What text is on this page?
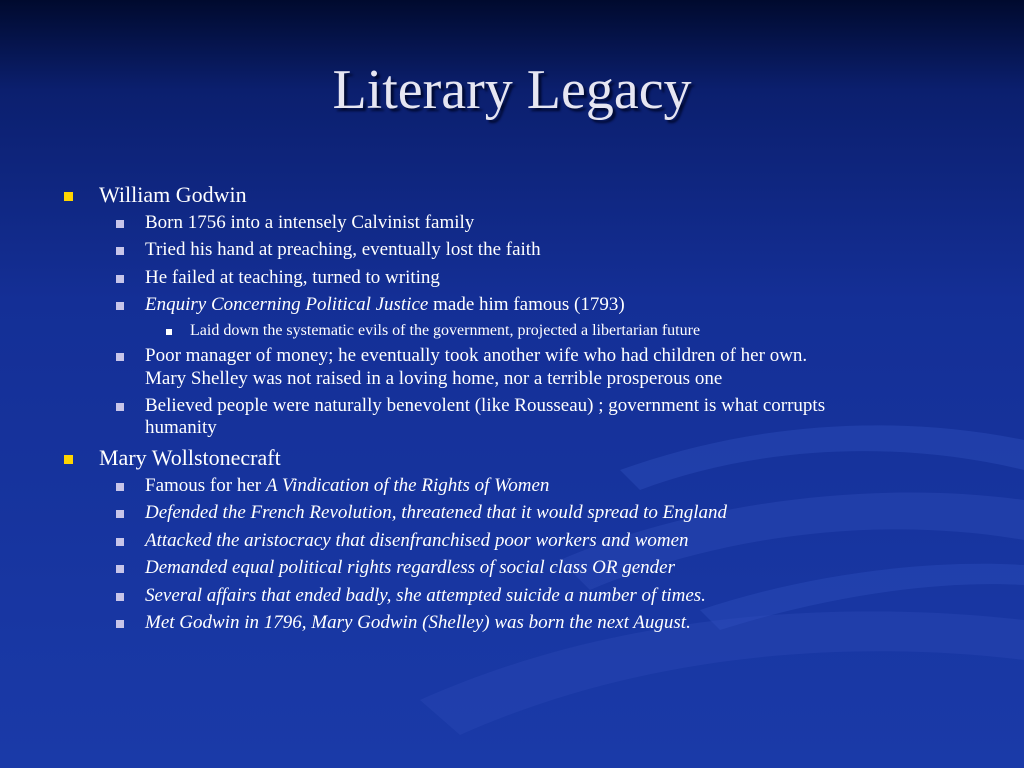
Literary Legacy
William Godwin
Born 1756 into a intensely Calvinist family
Tried his hand at preaching, eventually lost the faith
He failed at teaching, turned to writing
Enquiry Concerning Political Justice made him famous (1793)
Laid down the systematic evils of the government, projected a libertarian future
Poor manager of money; he eventually took another wife who had children of her own.
Mary Shelley was not raised in a loving home, nor a terrible prosperous one
Believed people were naturally benevolent (like Rousseau) ; government is what corrupts
humanity
Mary Wollstonecraft
Famous for her A Vindication of the Rights of Women
Defended the French Revolution, threatened that it would spread to England
Attacked the aristocracy that disenfranchised poor workers and women
Demanded equal political rights regardless of social class OR gender
Several affairs that ended badly, she attempted suicide a number of times.
Met Godwin in 1796, Mary Godwin (Shelley) was born the next August.
